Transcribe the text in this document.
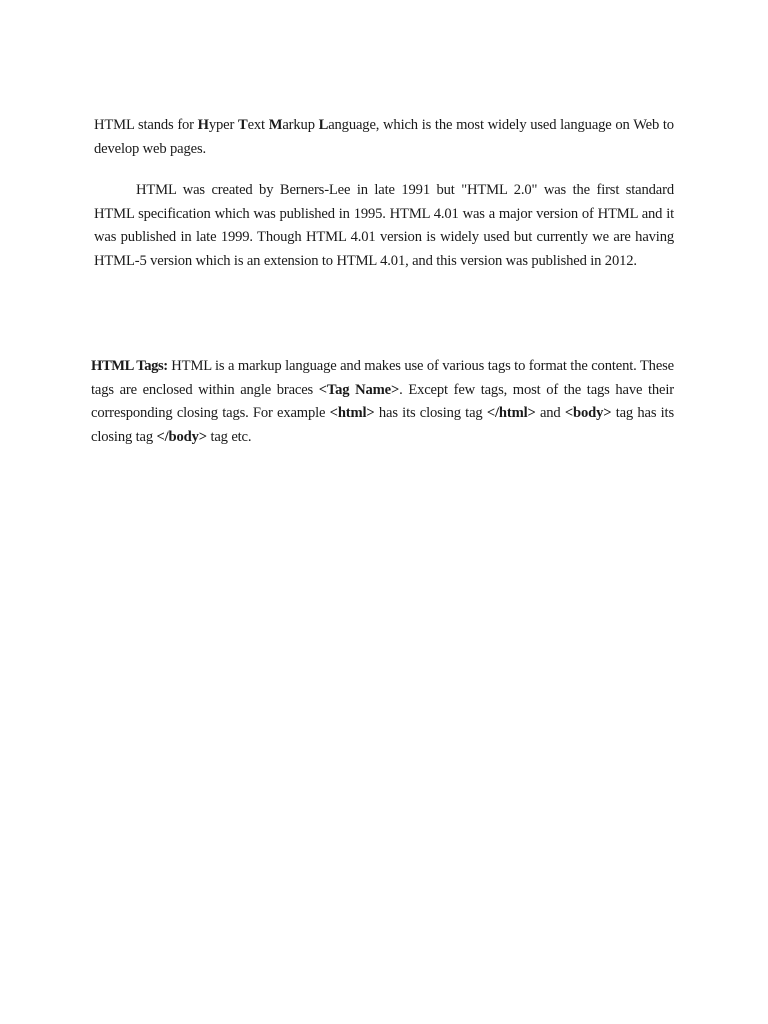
HTML stands for Hyper Text Markup Language, which is the most widely used language on Web to develop web pages.

HTML was created by Berners-Lee in late 1991 but "HTML 2.0" was the first standard HTML specification which was published in 1995. HTML 4.01 was a major version of HTML and it was published in late 1999. Though HTML 4.01 version is widely used but currently we are having HTML-5 version which is an extension to HTML 4.01, and this version was published in 2012.

HTML Tags: HTML is a markup language and makes use of various tags to format the content. These tags are enclosed within angle braces <Tag Name>. Except few tags, most of the tags have their corresponding closing tags. For example <html> has its closing tag </html> and <body> tag has its closing tag </body> tag etc.
